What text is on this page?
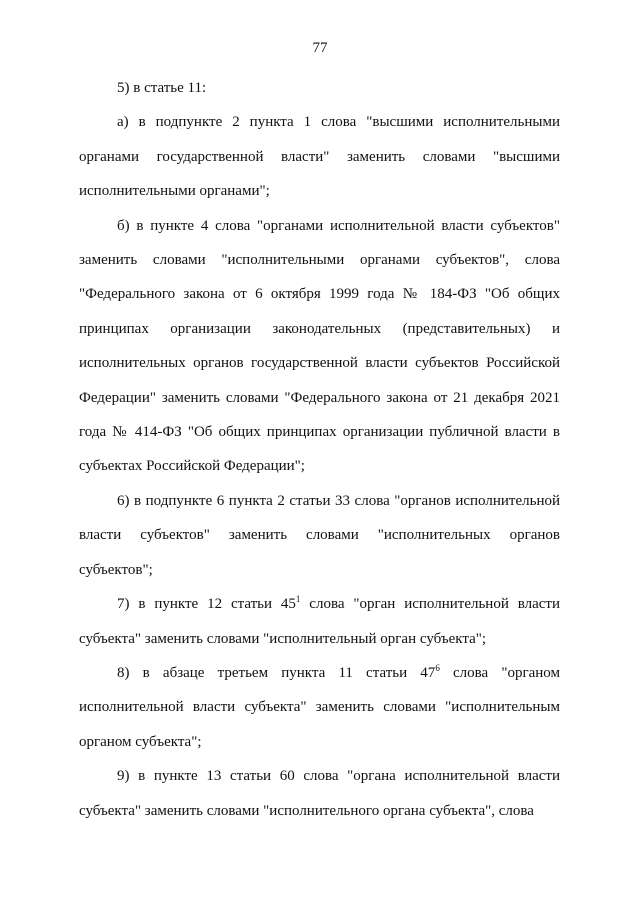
77

5) в статье 11:

а) в подпункте 2 пункта 1 слова "высшими исполнительными органами государственной власти" заменить словами "высшими исполнительными органами";

б) в пункте 4 слова "органами исполнительной власти субъектов" заменить словами "исполнительными органами субъектов", слова "Федерального закона от 6 октября 1999 года № 184-ФЗ "Об общих принципах организации законодательных (представительных) и исполнительных органов государственной власти субъектов Российской Федерации" заменить словами "Федерального закона от 21 декабря 2021 года № 414-ФЗ "Об общих принципах организации публичной власти в субъектах Российской Федерации";

6) в подпункте 6 пункта 2 статьи 33 слова "органов исполнительной власти субъектов" заменить словами "исполнительных органов субъектов";

7) в пункте 12 статьи $45^1$ слова "орган исполнительной власти субъекта" заменить словами "исполнительный орган субъекта";

8) в абзаце третьем пункта 11 статьи $47^6$ слова "органом исполнительной власти субъекта" заменить словами "исполнительным органом субъекта";

9) в пункте 13 статьи 60 слова "органа исполнительной власти субъекта" заменить словами "исполнительного органа субъекта", слова
